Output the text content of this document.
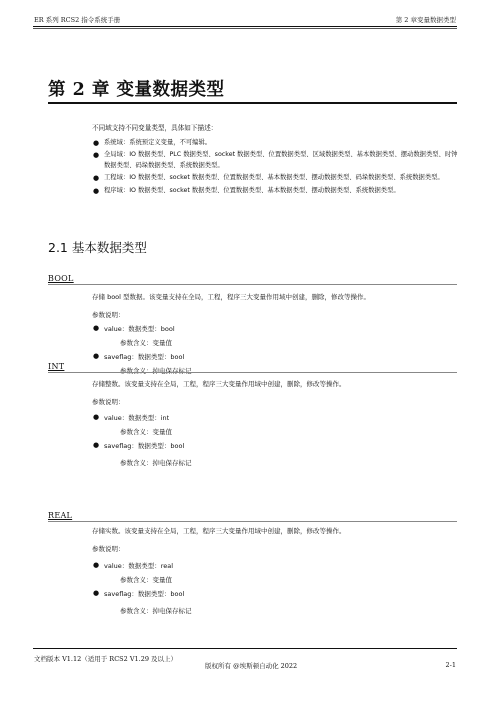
ER 系列 RCS2 指令系统手册	第 2 章变量数据类型
第 2 章 变量数据类型
不同域支持不同变量类型，具体如下描述：
● 系统域：系统预定义变量，不可编辑。
● 全局域：IO 数据类型、PLC 数据类型、socket 数据类型、位置数据类型、区域数据类型、基本数据类型、摆动数据类型、时钟数据类型、码垛数据类型、系统数据类型。
● 工程域：IO 数据类型、socket 数据类型、位置数据类型、基本数据类型、摆动数据类型、码垛数据类型、系统数据类型。
● 程序域：IO 数据类型、socket 数据类型、位置数据类型、基本数据类型、摆动数据类型、系统数据类型。
2.1 基本数据类型
BOOL
存储 bool 型数据。该变量支持在全局，工程，程序三大变量作用域中创建，删除，修改等操作。
参数说明：
● value：数据类型：bool
参数含义：变量值
● saveflag：数据类型：bool
参数含义：掉电保存标记
INT
存储整数。该变量支持在全局，工程，程序三大变量作用域中创建，删除，修改等操作。
参数说明：
● value：数据类型：int
参数含义：变量值
● saveflag：数据类型：bool
参数含义：掉电保存标记
REAL
存储实数。该变量支持在全局，工程，程序三大变量作用域中创建，删除，修改等操作。
参数说明：
● value：数据类型：real
参数含义：变量值
● saveflag：数据类型：bool
参数含义：掉电保存标记
文档版本 V1.12（适用于 RCS2 V1.29 及以上）
版权所有 @埃斯顿自动化 2022	2-1
